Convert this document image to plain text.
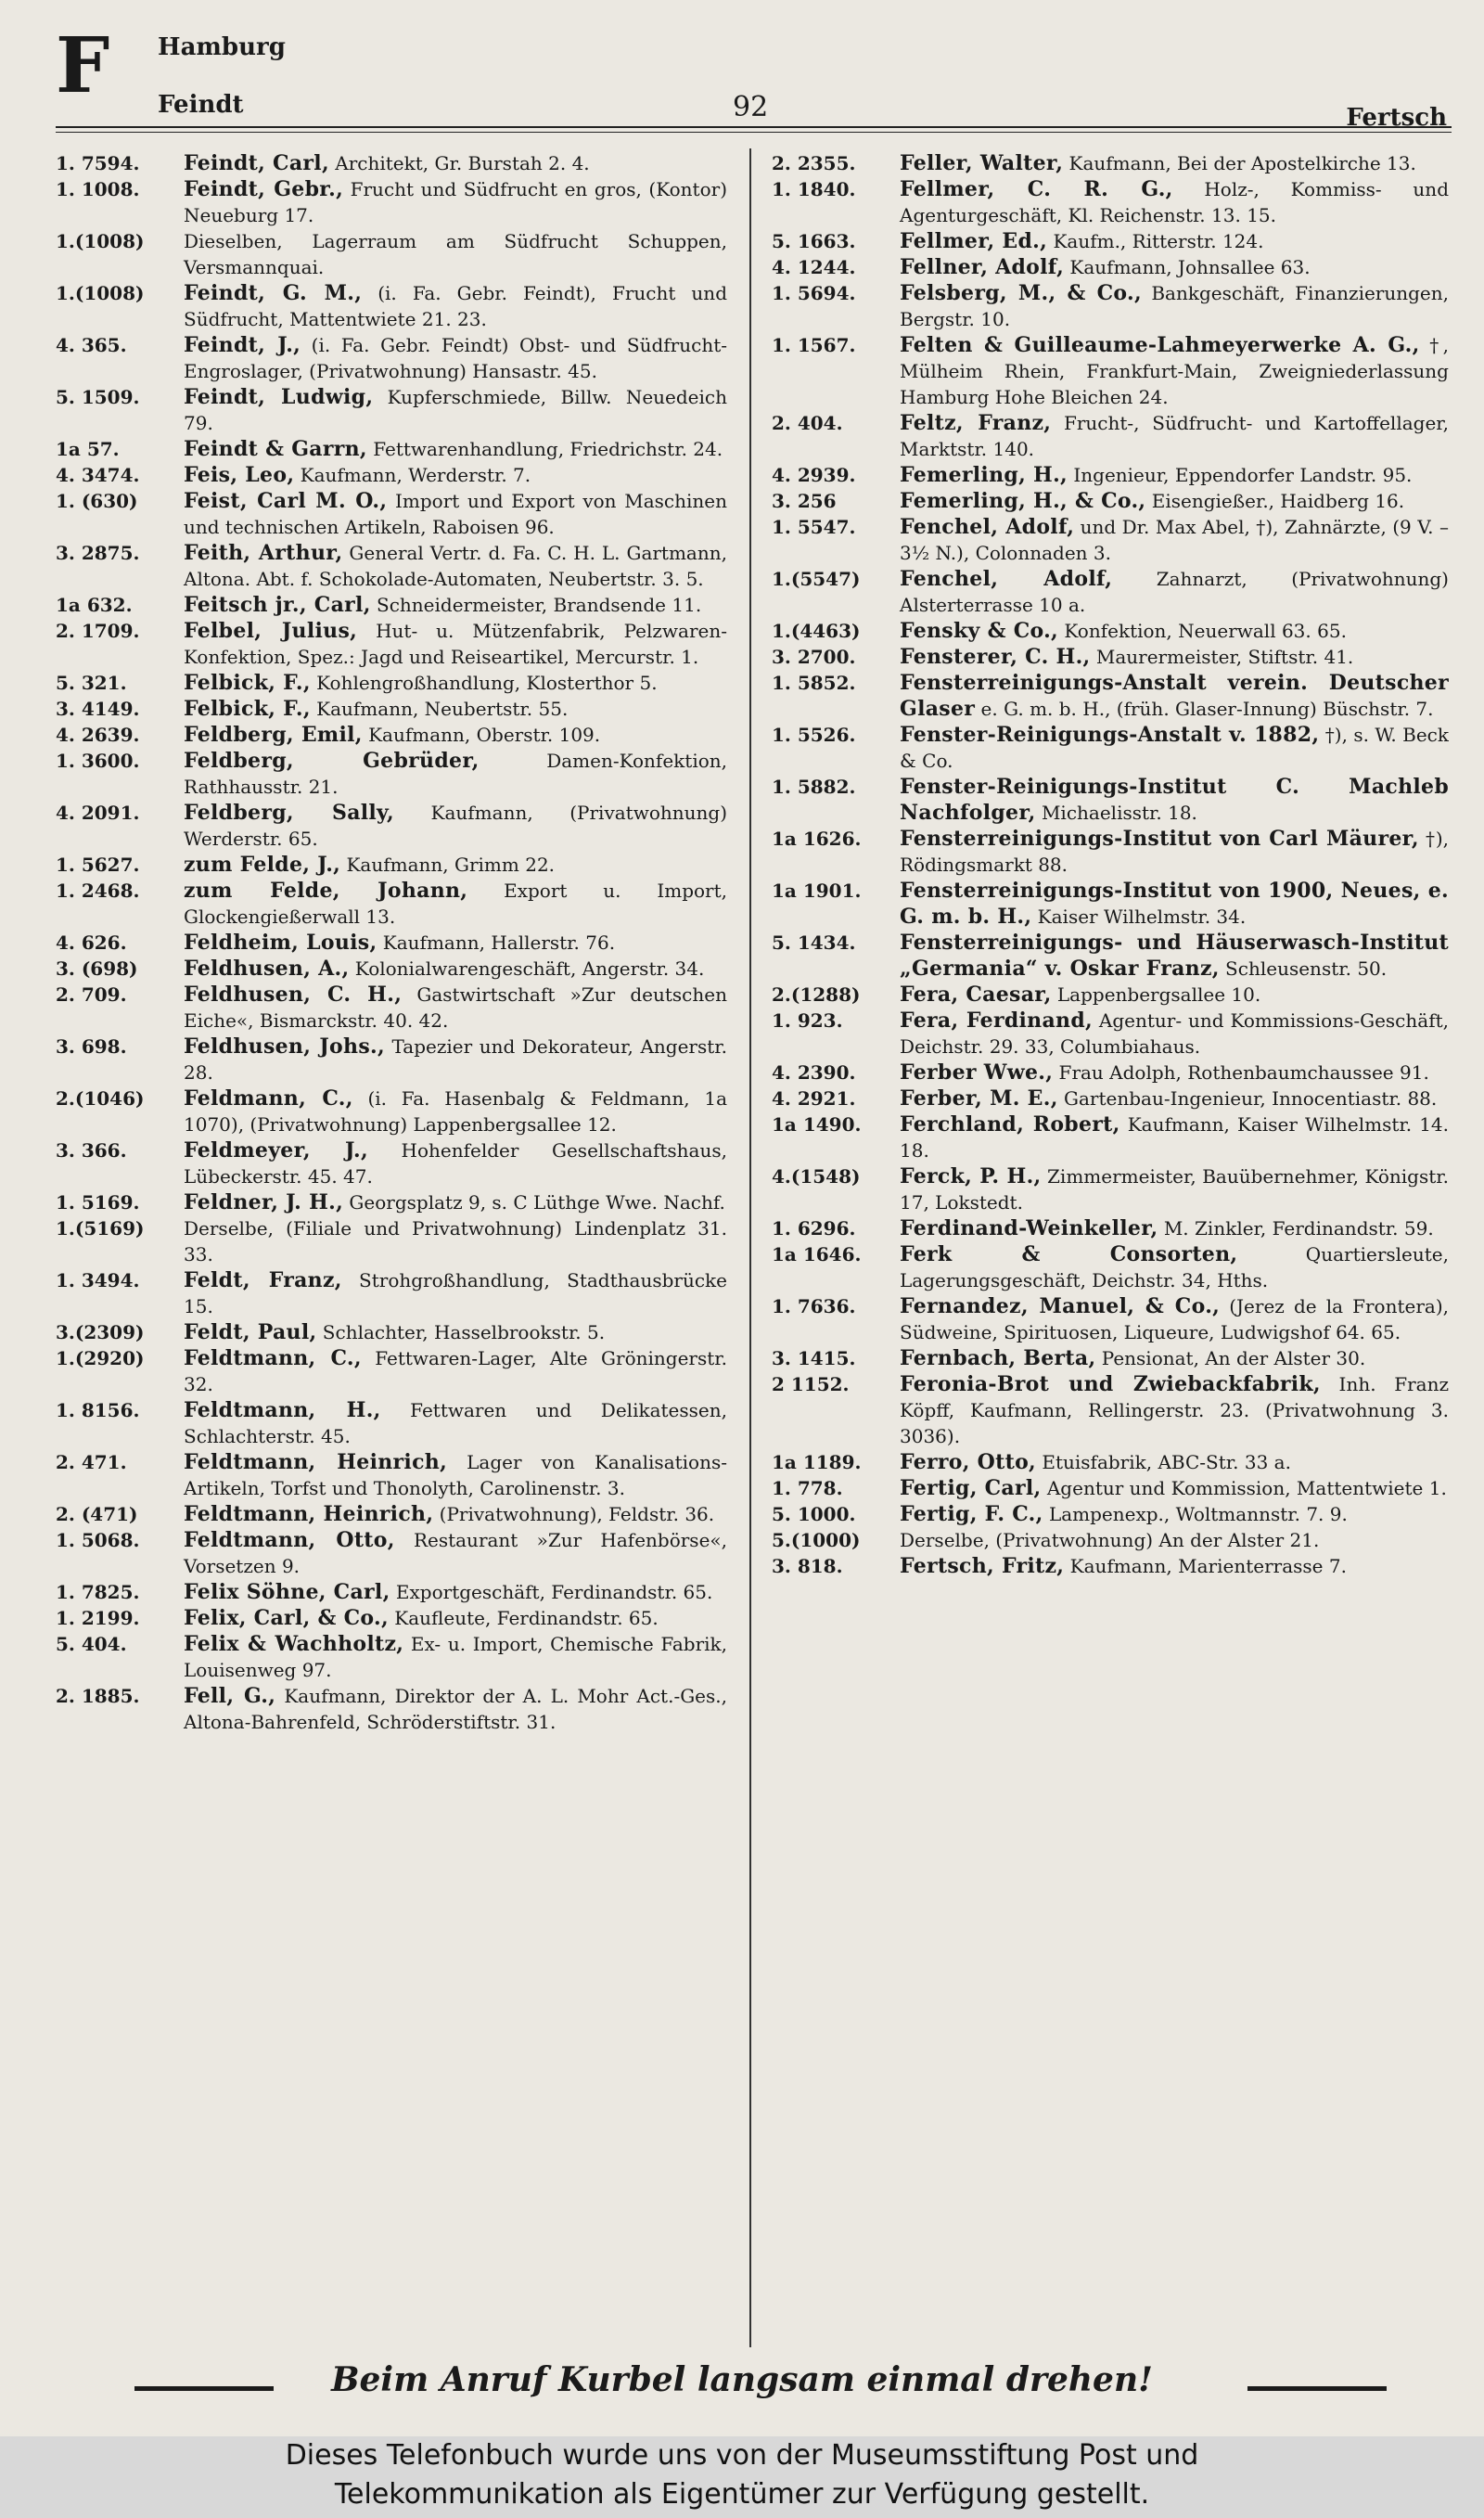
F Hamburg
Feindt	92	Fertsch
1. 7594.	Feindt, Carl, Architekt, Gr. Burstah 2. 4.
1. 1008.	Feindt, Gebr., Frucht und Südfrucht en gros, (Kontor) Neueburg 17.
1.(1008)	Dieselben, Lagerraum am Südfrucht Schuppen, Versmannquai.
1.(1008)	Feindt, G. M., (i. Fa. Gebr. Feindt), Frucht und Südfrucht, Mattentwiete 21. 23.
4. 365.	Feindt, J., (i. Fa. Gebr. Feindt) Obst- und Südfrucht-Engroslager, (Privatwohnung) Hansastr. 45.
5. 1509.	Feindt, Ludwig, Kupferschmiede, Billw. Neuedeich 79.
1a 57.	Feindt & Garrn, Fettwarenhandlung, Friedrichstr. 24.
4. 3474.	Feis, Leo, Kaufmann, Werderstr. 7.
1. (630)	Feist, Carl M. O., Import und Export von Maschinen und technischen Artikeln, Raboisen 96.
3. 2875.	Feith, Arthur, General Vertr. d. Fa. C. H. L. Gartmann, Altona. Abt. f. Schokolade-Automaten, Neubertstr. 3. 5.
1a 632.	Feitsch jr., Carl, Schneidermeister, Brandsende 11.
2. 1709.	Felbel, Julius, Hut- u. Mützenfabrik, Pelzwaren-Konfektion, Spez.: Jagd und Reiseartikel, Mercurstr. 1.
5. 321.	Felbick, F., Kohlengroßhandlung, Klosterthor 5.
3. 4149.	Felbick, F., Kaufmann, Neubertstr. 55.
4. 2639.	Feldberg, Emil, Kaufmann, Oberstr. 109.
1. 3600.	Feldberg, Gebrüder, Damen-Konfektion, Rathhausstr. 21.
4. 2091.	Feldberg, Sally, Kaufmann, (Privatwohnung) Werderstr. 65.
1. 5627.	zum Felde, J., Kaufmann, Grimm 22.
1. 2468.	zum Felde, Johann, Export u. Import, Glockengießerwall 13.
4. 626.	Feldheim, Louis, Kaufmann, Hallerstr. 76.
3. (698)	Feldhusen, A., Kolonialwarengeschäft, Angerstr. 34.
2. 709.	Feldhusen, C. H., Gastwirtschaft »Zur deutschen Eiche«, Bismarckstr. 40. 42.
3. 698.	Feldhusen, Johs., Tapezier und Dekorateur, Angerstr. 28.
2.(1046)	Feldmann, C., (i. Fa. Hasenbalg & Feldmann, 1a 1070), (Privatwohnung) Lappenbergsallee 12.
3. 366.	Feldmeyer, J., Hohenfelder Gesellschaftshaus, Lübeckerstr. 45. 47.
1. 5169.	Feldner, J. H., Georgsplatz 9, s. C Lüthge Wwe. Nachf.
1.(5169)	Derselbe, (Filiale und Privatwohnung) Lindenplatz 31. 33.
1. 3494.	Feldt, Franz, Strohgroßhandlung, Stadthausbrücke 15.
3.(2309)	Feldt, Paul, Schlachter, Hasselbrookstr. 5.
1.(2920)	Feldtmann, C., Fettwaren-Lager, Alte Gröningerstr. 32.
1. 8156.	Feldtmann, H., Fettwaren und Delikatessen, Schlachterstr. 45.
2. 471.	Feldtmann, Heinrich, Lager von Kanalisations-Artikeln, Torfst und Thonolyth, Carolinenstr. 3.
2. (471)	Feldtmann, Heinrich, (Privatwohnung), Feldstr. 36.
1. 5068.	Feldtmann, Otto, Restaurant »Zur Hafenbörse«, Vorsetzen 9.
1. 7825.	Felix Söhne, Carl, Exportgeschäft, Ferdinandstr. 65.
1. 2199.	Felix, Carl, & Co., Kaufleute, Ferdinandstr. 65.
5. 404.	Felix & Wachholtz, Ex- u. Import, Chemische Fabrik, Louisenweg 97.
2. 1885.	Fell, G., Kaufmann, Direktor der A. L. Mohr Act.-Ges., Altona-Bahrenfeld, Schröderstiftstr. 31.
2. 2355.	Feller, Walter, Kaufmann, Bei der Apostelkirche 13.
1. 1840.	Fellmer, C. R. G., Holz-, Kommiss- und Agenturgeschäft, Kl. Reichenstr. 13. 15.
5. 1663.	Fellmer, Ed., Kaufm., Ritterstr. 124.
4. 1244.	Fellner, Adolf, Kaufmann, Johnsallee 63.
1. 5694.	Felsberg, M., & Co., Bankgeschäft, Finanzierungen, Bergstr. 10.
1. 1567.	Felten & Guilleaume-Lahmeyerwerke A. G., †, Mülheim Rhein, Frankfurt-Main, Zweigniederlassung Hamburg Hohe Bleichen 24.
2. 404.	Feltz, Franz, Frucht-, Südfrucht- und Kartoffellager, Marktstr. 140.
4. 2939.	Femerling, H., Ingenieur, Eppendorfer Landstr. 95.
3. 256	Femerling, H., & Co., Eisengießer., Haidberg 16.
1. 5547.	Fenchel, Adolf, und Dr. Max Abel, †), Zahnärzte, (9 V. – 3½ N.), Colonnaden 3.
1.(5547)	Fenchel, Adolf, Zahnarzt, (Privatwohnung) Alsterterrasse 10 a.
1.(4463)	Fensky & Co., Konfektion, Neuerwall 63. 65.
3. 2700.	Fensterer, C. H., Maurermeister, Stiftstr. 41.
1. 5852.	Fensterreinigungs-Anstalt verein. Deutscher Glaser e. G. m. b. H., (früh. Glaser-Innung) Büschstr. 7.
1. 5526.	Fenster-Reinigungs-Anstalt v. 1882, †), s. W. Beck & Co.
1. 5882.	Fenster-Reinigungs-Institut C. Machleb Nachfolger, Michaelisstr. 18.
1a 1626.	Fensterreinigungs-Institut von Carl Mäurer, †), Rödingsmarkt 88.
1a 1901.	Fensterreinigungs-Institut von 1900, Neues, e. G. m. b. H., Kaiser Wilhelmstr. 34.
5. 1434.	Fensterreinigungs- und Häuserwasch-Institut „Germania“ v. Oskar Franz, Schleusenstr. 50.
2.(1288)	Fera, Caesar, Lappenbergsallee 10.
1. 923.	Fera, Ferdinand, Agentur- und Kommissions-Geschäft, Deichstr. 29. 33, Columbiahaus.
4. 2390.	Ferber Wwe., Frau Adolph, Rothenbaumchaussee 91.
4. 2921.	Ferber, M. E., Gartenbau-Ingenieur, Innocentiastr. 88.
1a 1490.	Ferchland, Robert, Kaufmann, Kaiser Wilhelmstr. 14. 18.
4.(1548)	Ferck, P. H., Zimmermeister, Bauübernehmer, Königstr. 17, Lokstedt.
1. 6296.	Ferdinand-Weinkeller, M. Zinkler, Ferdinandstr. 59.
1a 1646.	Ferk & Consorten, Quartiersleute, Lagerungsgeschäft, Deichstr. 34, Hths.
1. 7636.	Fernandez, Manuel, & Co., (Jerez de la Frontera), Südweine, Spirituosen, Liqueure, Ludwigshof 64. 65.
3. 1415.	Fernbach, Berta, Pensionat, An der Alster 30.
2 1152.	Feronia-Brot und Zwiebackfabrik, Inh. Franz Köpff, Kaufmann, Rellingerstr. 23. (Privatwohnung 3. 3036).
1a 1189.	Ferro, Otto, Etuisfabrik, ABC-Str. 33 a.
1. 778.	Fertig, Carl, Agentur und Kommission, Mattentwiete 1.
5. 1000.	Fertig, F. C., Lampenexp., Woltmannstr. 7. 9.
5.(1000)	Derselbe, (Privatwohnung) An der Alster 21.
3. 818.	Fertsch, Fritz, Kaufmann, Marienterrasse 7.
Beim Anruf Kurbel langsam einmal drehen!
Dieses Telefonbuch wurde uns von der Museumsstiftung Post und
Telekommunikation als Eigentümer zur Verfügung gestellt.
